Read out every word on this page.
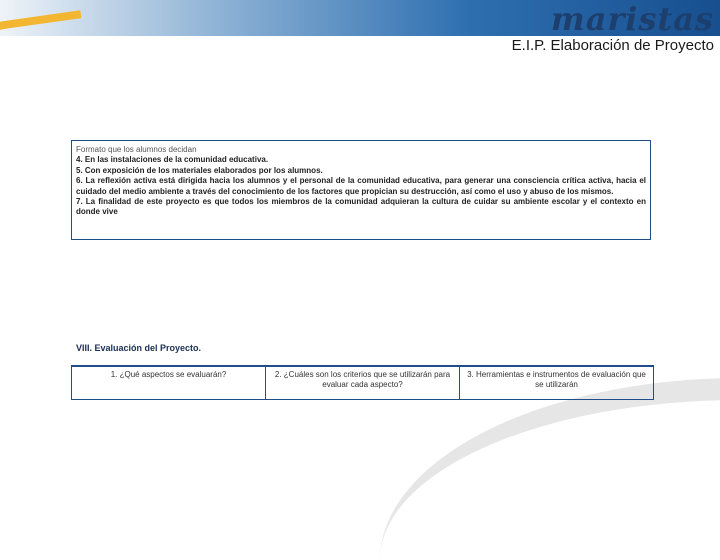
maristas
E.I.P. Elaboración de Proyecto
Formato que los alumnos decidan
4. En las instalaciones de la comunidad educativa.
5. Con exposición de los materiales elaborados por los alumnos.
6. La reflexión activa está dirigida hacia los alumnos y el personal de la comunidad educativa, para generar una consciencia crítica activa, hacia el cuidado del medio ambiente a través del conocimiento de los factores que propician su destrucción, así como el uso y abuso de los mismos.
7. La finalidad de este proyecto es que todos los miembros de la comunidad adquieran la cultura de cuidar su ambiente escolar y el contexto en donde vive
VIII. Evaluación del Proyecto.
1. ¿Qué aspectos se evaluarán?	2. ¿Cuáles son los criterios que se utilizarán para evaluar cada aspecto?
3. Herramientas e instrumentos de evaluación que se utilizarán
